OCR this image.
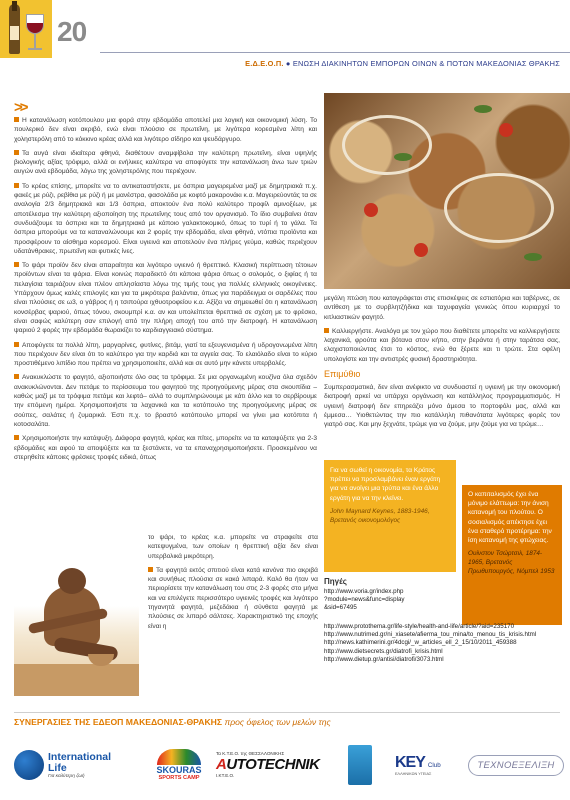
20
Ε.Δ.Ε.Ο.Π. ● ΕΝΩΣΗ ΔΙΑΚΙΝΗΤΩΝ ΕΜΠΟΡΩΝ ΟΙΝΩΝ & ΠΟΤΩΝ ΜΑΚΕΔΟΝΙΑΣ ΘΡΑΚΗΣ
>>

Η κατανάλωση κοτόπουλου μια φορά στην εβδομάδα αποτελεί μια λογική και οικονομική λύση. Το πουλερικό δεν είναι ακριβό, ενώ είναι πλούσιο σε πρωτεΐνη, με λιγότερα κορεσμένα λίπη και χοληστερόλη από το κόκκινο κρέας αλλά και λιγότερο σίδηρο και ψευδάργυρο.

Τα αυγά είναι ιδιαίτερα φθηνά, διαθέτουν αναμφίβολα την καλύτερη πρωτεΐνη, είναι υψηλής βιολογικής αξίας τρόφιμο, αλλά οι ενήλικες καλύτερα να αποφύγετε την κατανάλωση άνω των τριών αυγών ανά εβδομάδα, λόγω της χοληστερόλης που περιέχουν.

Το κρέας επίσης, μπορείτε να το αντικαταστήσετε, με όσπρια μαγειρεμένα μαζί με δημητριακά π.χ. φακές με ρύζι, ρεβίθια με ρύζι ή με μανέστρα, φασολάδα με κοφτό μακαρονάκι κ.α. Μαγειρεύοντάς τα σε αναλογία 2/3 δημητριακά και 1/3 όσπρια, αποκτούν ένα πολύ καλύτερο προφίλ αμινοξέων, με αποτέλεσμα την καλύτερη αξιοποίηση της πρωτεΐνης τους από τον οργανισμό. Το ίδιο συμβαίνει όταν συνδυάζουμε τα όσπρια και τα δημητριακά με κάποιο γαλακτοκομικό, όπως το τυρί ή το γάλα. Τα όσπρια μπορούμε να τα καταναλώνουμε και 2 φορές την εβδομάδα, είναι φθηνά, ντόπια προϊόντα και προσφέρουν το αίσθημα κορεσμού. Είναι υγιεινά και αποτελούν ένα πλήρες γεύμα, καθώς περιέχουν υδατάνθρακες, πρωτεΐνη και φυτικές ίνες.

Το ψάρι προϊόν δεν είναι απαραίτητα και λιγότερο υγιεινό ή θρεπτικό. Κλασική περίπτωση τέτοιων προϊόντων είναι τα ψάρια. Είναι κοινώς παραδεκτό ότι κάποια ψάρια όπως ο σολομός, ο ξιφίας ή τα πελαγίσια ταιριάζουν είναι πλέον απλησίαστα λόγω της τιμής τους για πολλές ελληνικές οικογένειες. Υπάρχουν όμως καλές επιλογές και για τα μικρότερα βαλάντια, όπως για παράδειγμα οι σαρδέλες που είναι πλούσιες σε ω3, ο γάβρος ή η τσιπούρα ιχθυοτροφείου κ.α. Αξίζει να σημειωθεί ότι η κατανάλωση κονσέρβας ψαριού, όπως τόνου, σκουμπρί κ.α. αν και υπολείπεται θρεπτικά σε σχέση με το φρέσκο, είναι σαφώς καλύτερη σαν επιλογή από την πλήρη αποχή του από την διατροφή. Η κατανάλωση ψαριού 2 φορές την εβδομάδα θωρακίζει το καρδιαγγειακό σύστημα.

Αποφύγετε τα πολλά λίπη, μαργαρίνες, φυτίνες, βιτάμ, γιατί τα εξευγενισμένα ή υδρογονωμένα λίπη που περιέχουν δεν είναι ότι το καλύτερο για την καρδιά και τα αγγεία σας. Το ελαιόλαδο είναι το κύριο προστιθέμενο λιπίδιο που πρέπει να χρησιμοποιείτε, αλλά και σε αυτό μην κάνετε υπερβολές.

Ανακυκλώστε το φαγητό, αξιοποιήστε όλο σας τα τρόφιμα. Σε μια οργανωμένη κουζίνα όλα σχεδόν ανακυκλώνονται. Δεν πετάμε το περίσσευμα του φαγητού της προηγούμενης μέρας στα σκουπίδια –καθώς μαζί με τα τρόφιμα πετάμε και λεφτά– αλλά το συμπληρώνουμε με κάτι άλλο και το σερβίρουμε την επόμενη ημέρα. Χρησιμοποιήστε τα λαχανικά και τα κοτόπουλο της προηγούμενης μέρας σε σούπες, σαλάτες ή ζυμαρικά. Έστι π.χ. το βραστό κοτόπουλο μπορεί να γίνει μια κοτόπιτα ή κοτοσαλάτα.

Χρησιμοποιήστε την κατάψυξη. Διάφορα φαγητά, κρέας και πίτες, μπορείτε να τα καταψύξετε για 2-3 εβδομάδες και αφού τα αποψύξετε και τα ξεστάνετε, να τα επαναχρησιμοποιήσετε. Προσκεμένου να στερηθείτε κάποιες φρέσκες τροφές ειδικά, όπως

το ψάρι, το κρέας κ.α. μπορείτε να στραφείτε στα κατεψυγμένα, των οποίων η θρεπτική αξία δεν είναι υπερβολικά μικρότερη.

Τα φαγητά εκτός σπιτιού είναι κατά κανόνα πιο ακριβά και συνήθως πλούσια σε κακά λιπαρά. Καλό θα ήταν να περιορίσετε την κατανάλωση του στις 2-3 φορές στο μήνα και να επιλέγετε περισσότερο υγιεινές τροφές και λιγότερο τηγανητά φαγητά, μεζεδάκια ή σύνθετα φαγητά με πλούσιες σε λιπαρό σάλτσες. Χαρακτηριστικό της εποχής είναι η

μεγάλη πτώση που καταγράφεται στις επισκέψεις σε εστιατόρια και ταβέρνες, σε αντίθεση με το συρβλητζήδικα και ταχυφαγεία γενικώς όπου κυριαρχεί το κιτλιαστικών φαγητό.

Καλλιεργήστε. Αναλόγα με τον χώρο που διαθέτετε μπορείτε να καλλιεργήσετε λαχανικά, φρούτα και βότανα στον κήπο, στην βεράντα ή στην ταράτσα σας, ελαχιστοποιώντας έτσι το κόστος, ενώ θα ξέρετε και τι τρώτε. Στα οφέλη υπολογίστε και την αντιστρές φυσική δραστηριότητα.

Επιμύθιο

Συμπερασματικά, δεν είναι ανέφικτο να συνδυαστεί η υγιεινή με την οικονομική διατροφή αρκεί να υπάρχει οργάνωση και κατάλληλος προγραμματισμός. Η υγιεινή διατροφή δεν επηρεάζει μόνο άμεσα το πορτοφόλι μας, αλλά και έμμεσα… Υιοθετώντας την πιο κατάλληλη πιθανότατα λιγότερες φορές τον γιατρό σας. Και μην ξεχνάτε, τρώμε για να ζούμε, μην ζούμε για να τρώμε…

Για να σωθεί η οικονομία, τα Κράτος πρέπει να προσλαμβάνει έναν εργάτη για να ανοίγει μια τρύπα και ένα άλλο εργάτη για να την κλείνει.
John Maynard Keynes, 1883-1946, Βρετανός οικονομολόγος
Ο καπιταλισμός έχει ένα μόνιμο ελάττωμα: την άνιση κατανομή του πλούτου. Ο σοσιαλισμός απέκτησε έχει ένα σταθερό προτέρημα: την ίση κατανομή της φτώχειας.
Ουίνστον Τσώρτσιλ, 1874-1965, Βρετανός Πρωθυπουργός, Νόμπελ 1953
Πηγές
http://www.voria.gr/index.php
?module=news&func=display
&sid=67495
http://www.protothema.gr/life-style/health-and-life/article/?aid=235170
http://www.nutrimed.gr/ni_xiasete/afierma_tou_mina/to_menou_tis_krisis.html
http://news.kathimerini.gr/4dcgi/_w_articles_ell_2_15/10/2011_459388
http://www.dietsecrets.gr/diatrofi_krisis.html
http://www.dietup.gr/antisi/diatrofi/3073.html
ΣΥΝΕΡΓΑΣΙΕΣ ΤΗΣ ΕΔΕΟΠ ΜΑΚΕΔΟΝΙΑΣ-ΘΡΑΚΗΣ προς όφελος των μελών της
International
Life
Για καλύτερη ζωή
SKOURAS
SPORTS CAMP
Τα Κ.Τ.Ε.Ο. της ΘΕΣΣΑΛΟΝΙΚΗΣ
AUTOTECHNIK
Ι.ΚΤ.Ε.Ο.
KEY Club
ΕΛΛΗΝΙΚΩΝ ΥΓΕΙΑΣ
ΤΕΧΝΟΕΞΕΛΙΞΗ
